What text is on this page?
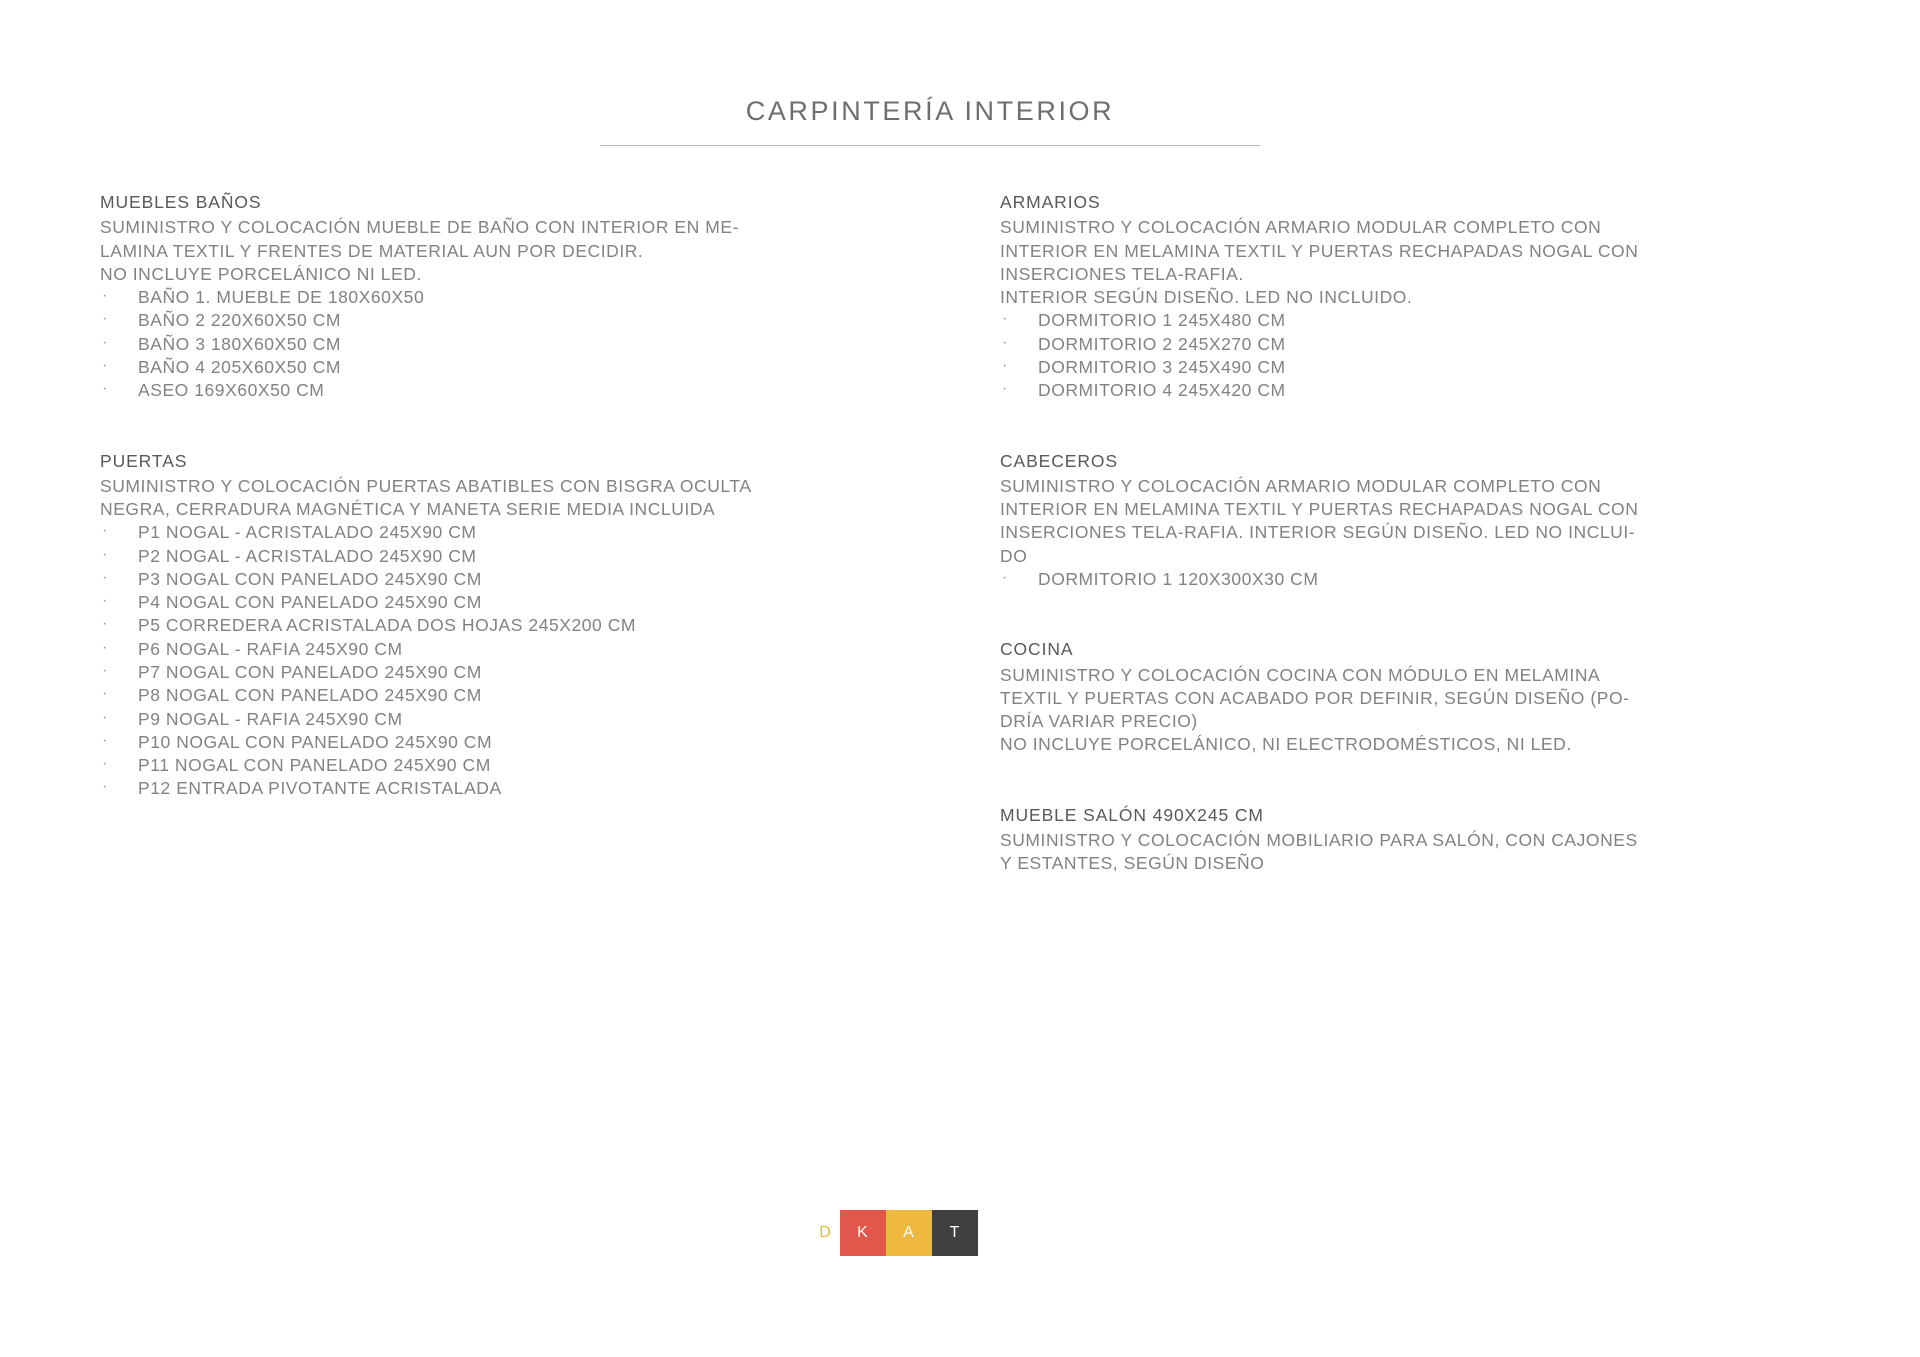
CARPINTERÍA INTERIOR
MUEBLES BAÑOS
SUMINISTRO Y COLOCACIÓN MUEBLE DE BAÑO CON INTERIOR EN ME-
LAMINA TEXTIL Y FRENTES DE MATERIAL AUN POR DECIDIR.
NO INCLUYE PORCELÁNICO NI LED.
· BAÑO 1. MUEBLE DE 180X60X50
· BAÑO 2 220X60X50 CM
· BAÑO 3 180X60X50 CM
· BAÑO 4 205X60X50 CM
· ASEO 169X60X50 CM
PUERTAS
SUMINISTRO Y COLOCACIÓN PUERTAS ABATIBLES CON BISGRA OCULTA
NEGRA, CERRADURA MAGNÉTICA Y MANETA SERIE MEDIA INCLUIDA
· P1 NOGAL - ACRISTALADO 245X90 CM
· P2 NOGAL - ACRISTALADO 245X90 CM
· P3 NOGAL CON PANELADO 245X90 CM
· P4 NOGAL CON PANELADO 245X90 CM
· P5 CORREDERA ACRISTALADA DOS HOJAS 245X200 CM
· P6 NOGAL - RAFIA 245X90 CM
· P7 NOGAL CON PANELADO 245X90 CM
· P8 NOGAL CON PANELADO 245X90 CM
· P9 NOGAL - RAFIA 245X90 CM
· P10 NOGAL CON PANELADO 245X90 CM
· P11 NOGAL CON PANELADO 245X90 CM
· P12 ENTRADA PIVOTANTE ACRISTALADA
ARMARIOS
SUMINISTRO Y COLOCACIÓN ARMARIO MODULAR COMPLETO CON
INTERIOR EN MELAMINA TEXTIL Y PUERTAS RECHAPADAS NOGAL CON
INSERCIONES TELA-RAFIA.
INTERIOR SEGÚN DISEÑO. LED NO INCLUIDO.
· DORMITORIO 1 245X480 CM
· DORMITORIO 2 245X270 CM
· DORMITORIO 3 245X490 CM
· DORMITORIO 4 245X420 CM
CABECEROS
SUMINISTRO Y COLOCACIÓN ARMARIO MODULAR COMPLETO CON
INTERIOR EN MELAMINA TEXTIL Y PUERTAS RECHAPADAS NOGAL CON
INSERCIONES TELA-RAFIA. INTERIOR SEGÚN DISEÑO. LED NO INCLUI-
DO
· DORMITORIO 1 120X300X30 CM
COCINA
SUMINISTRO Y COLOCACIÓN COCINA CON MÓDULO EN MELAMINA
TEXTIL Y PUERTAS CON ACABADO POR DEFINIR, SEGÚN DISEÑO (PO-
DRÍA VARIAR PRECIO)
NO INCLUYE PORCELÁNICO, NI ELECTRODOMÉSTICOS, NI LED.
MUEBLE SALÓN 490X245 CM
SUMINISTRO Y COLOCACIÓN MOBILIARIO PARA SALÓN, CON CAJONES
Y ESTANTES, SEGÚN DISEÑO
D	K	A	T
